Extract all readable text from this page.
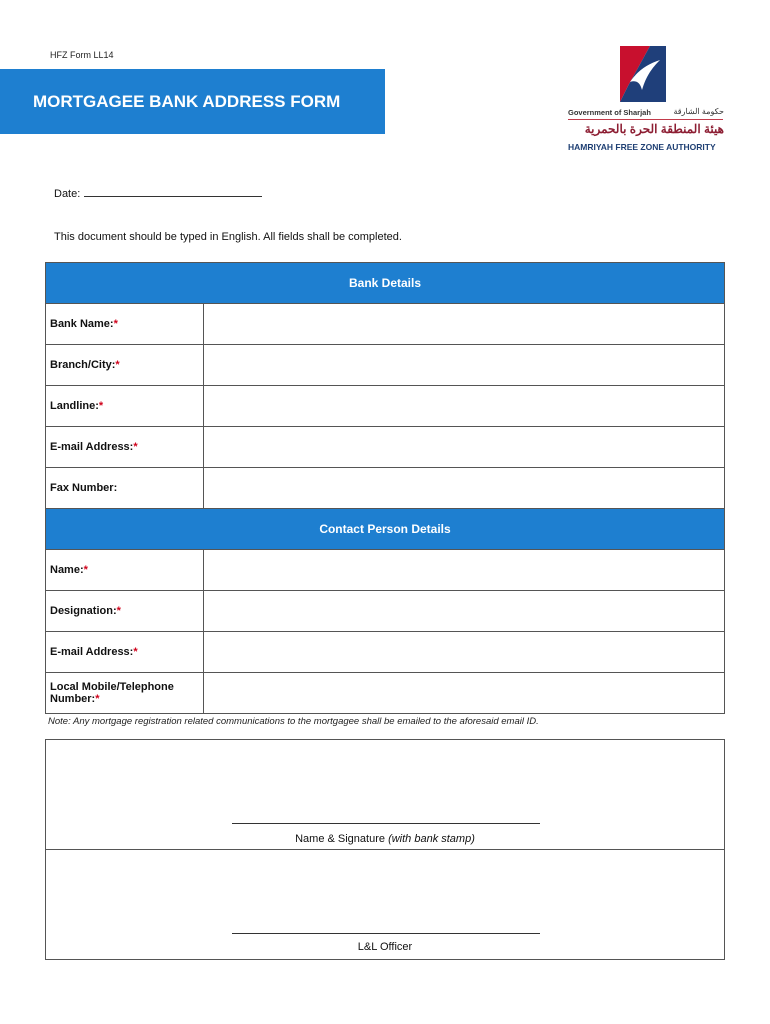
HFZ Form LL14
MORTGAGEE BANK ADDRESS FORM
Government of Sharjah	حكومة الشارقة
هيئة المنطقة الحرة بالحمرية
HAMRIYAH FREE ZONE AUTHORITY
Date:
This document should be typed in English. All fields shall be completed.
Bank Details	
Bank Name:*	
Branch/City:*	
Landline:*	
E-mail Address:*	
Fax Number:	
Contact Person Details	
Name:*	
Designation:*	
E-mail Address:*	
Local Mobile/Telephone Number:*	
Note: Any mortgage registration related communications to the mortgagee shall be emailed to the aforesaid email ID.
Name & Signature (with bank stamp)
L&L Officer
